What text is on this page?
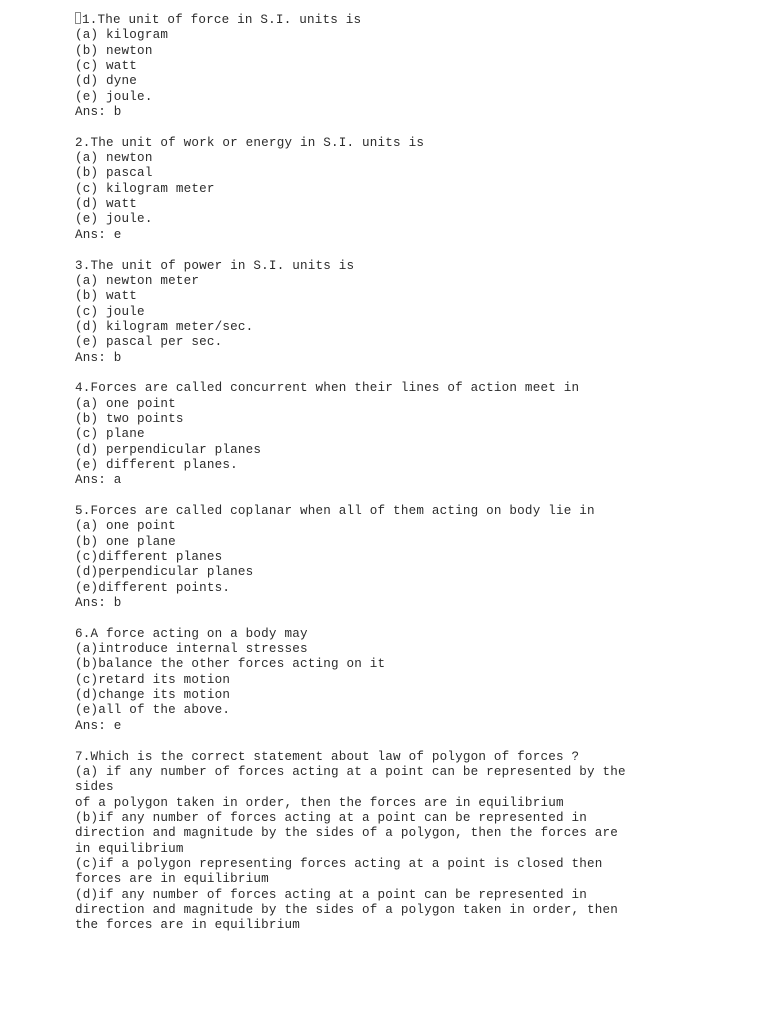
1.The unit of force in S.I. units is
(a) kilogram
(b) newton
(c) watt
(d) dyne
(e) joule.
Ans: b
2.The unit of work or energy in S.I. units is
(a) newton
(b) pascal
(c) kilogram meter
(d) watt
(e) joule.
Ans: e
3.The unit of power in S.I. units is
(a) newton meter
(b) watt
(c) joule
(d) kilogram meter/sec.
(e) pascal per sec.
Ans: b
4.Forces are called concurrent when their lines of action meet in
(a) one point
(b) two points
(c) plane
(d) perpendicular planes
(e) different planes.
Ans: a
5.Forces are called coplanar when all of them acting on body lie in
(a) one point
(b) one plane
(c)different planes
(d)perpendicular planes
(e)different points.
Ans: b
6.A force acting on a body may
(a)introduce internal stresses
(b)balance the other forces acting on it
(c)retard its motion
(d)change its motion
(e)all of the above.
Ans: e
7.Which is the correct statement about law of polygon of forces ?
(a) if any number of forces acting at a point can be represented by the
sides
of a polygon taken in order, then the forces are in equilibrium
(b)if any number of forces acting at a point can be represented in
direction and magnitude by the sides of a polygon, then the forces are
in equilibrium
(c)if a polygon representing forces acting at a point is closed then
forces are in equilibrium
(d)if any number of forces acting at a point can be represented in
direction and magnitude by the sides of a polygon taken in order, then
the forces are in equilibrium
